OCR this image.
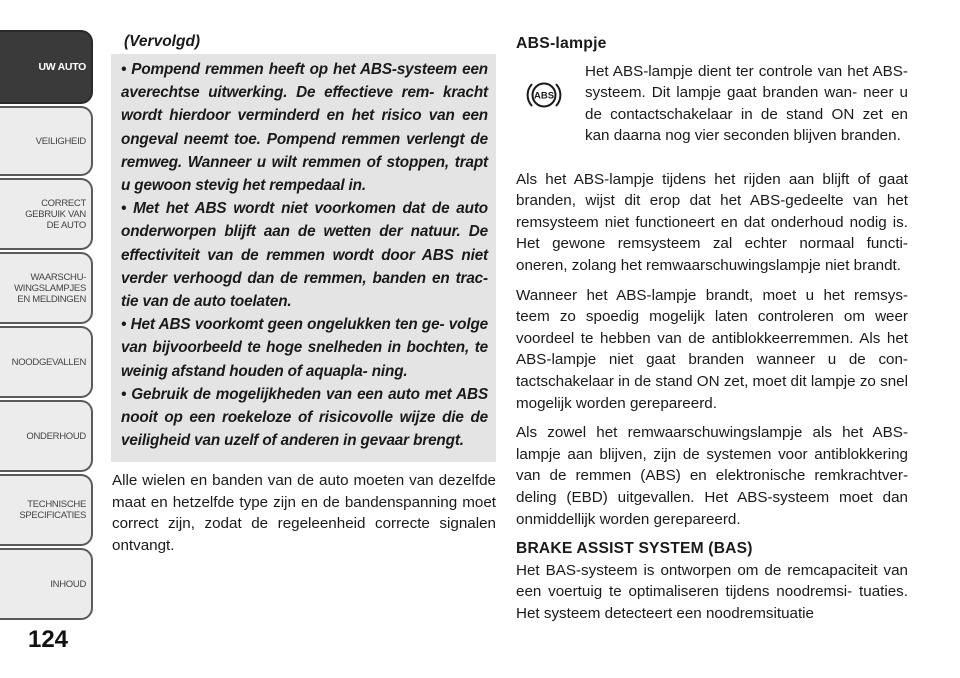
UW AUTO
VEILIGHEID
CORRECT
GEBRUIK VAN
DE AUTO
WAARSCHU-
WINGSLAMPJES
EN MELDINGEN
NOODGEVALLEN
ONDERHOUD
TECHNISCHE
SPECIFICATIES
INHOUD
124
(Vervolgd)

• Pompend remmen heeft op het ABS-systeem een averechtse uitwerking. De effectieve rem- kracht wordt hierdoor verminderd en het risico van een ongeval neemt toe. Pompend remmen verlengt de remweg. Wanneer u wilt remmen of stoppen, trapt u gewoon stevig het rempedaal in.

• Met het ABS wordt niet voorkomen dat de auto onderworpen blijft aan de wetten der natuur. De effectiviteit van de remmen wordt door ABS niet verder verhoogd dan de remmen, banden en trac- tie van de auto toelaten.

• Het ABS voorkomt geen ongelukken ten ge- volge van bijvoorbeeld te hoge snelheden in bochten, te weinig afstand houden of aquapla- ning.

• Gebruik de mogelijkheden van een auto met ABS nooit op een roekeloze of risicovolle wijze die de veiligheid van uzelf of anderen in gevaar brengt.

Alle wielen en banden van de auto moeten van dezelfde maat en hetzelfde type zijn en de bandenspanning moet correct zijn, zodat de regeleenheid correcte signalen ontvangt.

ABS-lampje
ABS

Het ABS-lampje dient ter controle van het ABS-systeem. Dit lampje gaat branden wan- neer u de contactschakelaar in de stand ON zet en kan daarna nog vier seconden blijven branden.

Als het ABS-lampje tijdens het rijden aan blijft of gaat branden, wijst dit erop dat het ABS-gedeelte van het remsysteem niet functioneert en dat onderhoud nodig is. Het gewone remsysteem zal echter normaal functi- oneren, zolang het remwaarschuwingslampje niet brandt.

Wanneer het ABS-lampje brandt, moet u het remsys- teem zo spoedig mogelijk laten controleren om weer voordeel te hebben van de antiblokkeerremmen. Als het ABS-lampje niet gaat branden wanneer u de con- tactschakelaar in de stand ON zet, moet dit lampje zo snel mogelijk worden gerepareerd.

Als zowel het remwaarschuwingslampje als het ABS- lampje aan blijven, zijn de systemen voor antiblokkering van de remmen (ABS) en elektronische remkrachtver- deling (EBD) uitgevallen. Het ABS-systeem moet dan onmiddellijk worden gerepareerd.

BRAKE ASSIST SYSTEM (BAS)

Het BAS-systeem is ontworpen om de remcapaciteit van een voertuig te optimaliseren tijdens noodremsi- tuaties. Het systeem detecteert een noodremsituatie
